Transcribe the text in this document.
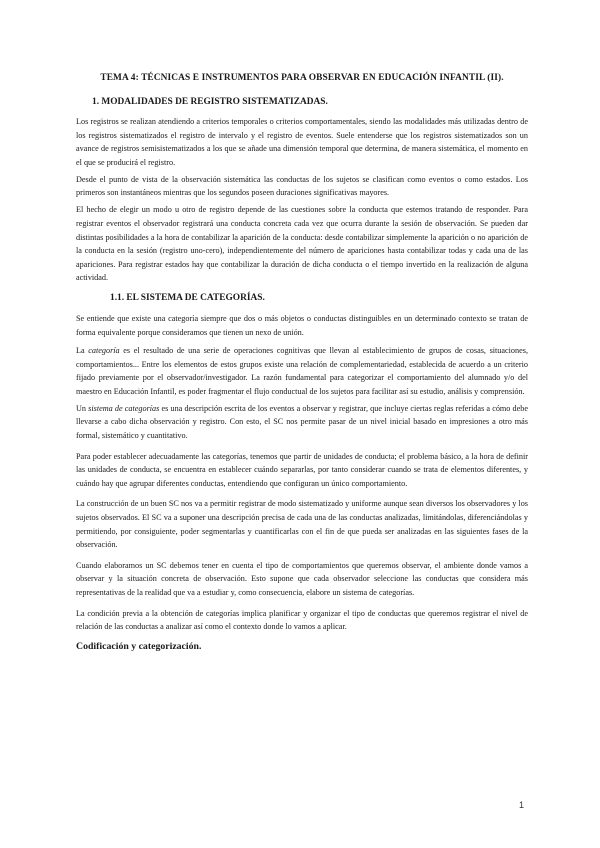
TEMA 4: TÉCNICAS E INSTRUMENTOS PARA OBSERVAR EN EDUCACIÓN INFANTIL (II).
1. MODALIDADES DE REGISTRO SISTEMATIZADAS.

Los registros se realizan atendiendo a criterios temporales o criterios comportamentales, siendo las modalidades más utilizadas dentro de los registros sistematizados el registro de intervalo y el registro de eventos. Suele entenderse que los registros sistematizados son un avance de registros semisistematizados a los que se añade una dimensión temporal que determina, de manera sistemática, el momento en el que se producirá el registro.

Desde el punto de vista de la observación sistemática las conductas de los sujetos se clasifican como eventos o como estados. Los primeros son instantáneos mientras que los segundos poseen duraciones significativas mayores.

El hecho de elegir un modo u otro de registro depende de las cuestiones sobre la conducta que estemos tratando de responder. Para registrar eventos el observador registrará una conducta concreta cada vez que ocurra durante la sesión de observación. Se pueden dar distintas posibilidades a la hora de contabilizar la aparición de la conducta: desde contabilizar simplemente la aparición o no aparición de la conducta en la sesión (registro uno-cero), independientemente del número de apariciones hasta contabilizar todas y cada una de las apariciones. Para registrar estados hay que contabilizar la duración de dicha conducta o el tiempo invertido en la realización de alguna actividad.

1.1. EL SISTEMA DE CATEGORÍAS.

Se entiende que existe una categoría siempre que dos o más objetos o conductas distinguibles en un determinado contexto se tratan de forma equivalente porque consideramos que tienen un nexo de unión.

La categoría es el resultado de una serie de operaciones cognitivas que llevan al establecimiento de grupos de cosas, situaciones, comportamientos... Entre los elementos de estos grupos existe una relación de complementariedad, establecida de acuerdo a un criterio fijado previamente por el observador/investigador. La razón fundamental para categorizar el comportamiento del alumnado y/o del maestro en Educación Infantil, es poder fragmentar el flujo conductual de los sujetos para facilitar así su estudio, análisis y comprensión.

Un sistema de categorías es una descripción escrita de los eventos a observar y registrar, que incluye ciertas reglas referidas a cómo debe llevarse a cabo dicha observación y registro. Con esto, el SC nos permite pasar de un nivel inicial basado en impresiones a otro más formal, sistemático y cuantitativo.

Para poder establecer adecuadamente las categorías, tenemos que partir de unidades de conducta; el problema básico, a la hora de definir las unidades de conducta, se encuentra en establecer cuándo separarlas, por tanto considerar cuando se trata de elementos diferentes, y cuándo hay que agrupar diferentes conductas, entendiendo que configuran un único comportamiento.

La construcción de un buen SC nos va a permitir registrar de modo sistematizado y uniforme aunque sean diversos los observadores y los sujetos observados. El SC va a suponer una descripción precisa de cada una de las conductas analizadas, limitándolas, diferenciándolas y permitiendo, por consiguiente, poder segmentarlas y cuantificarlas con el fin de que pueda ser analizadas en las siguientes fases de la observación.

Cuando elaboramos un SC debemos tener en cuenta el tipo de comportamientos que queremos observar, el ambiente donde vamos a observar y la situación concreta de observación. Esto supone que cada observador seleccione las conductas que considera más representativas de la realidad que va a estudiar y, como consecuencia, elabore un sistema de categorías.

La condición previa a la obtención de categorías implica planificar y organizar el tipo de conductas que queremos registrar el nivel de relación de las conductas a analizar así como el contexto donde lo vamos a aplicar.

Codificación y categorización.
1
